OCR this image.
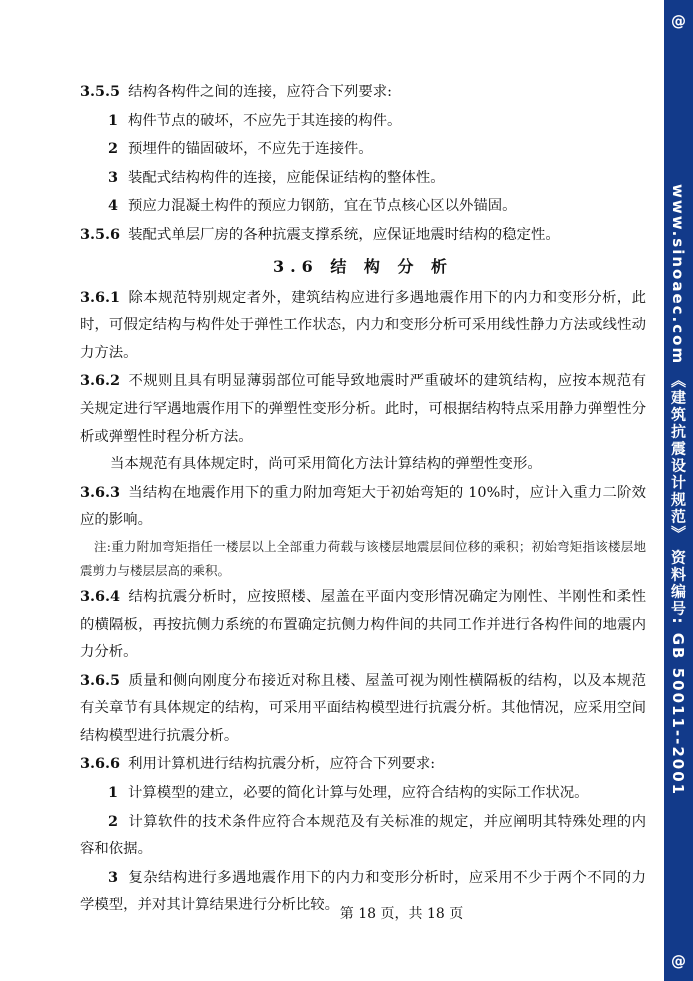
3.5.5 结构各构件之间的连接，应符合下列要求:

1 构件节点的破坏，不应先于其连接的构件。

2 预埋件的锚固破坏，不应先于连接件。

3 装配式结构构件的连接，应能保证结构的整体性。

4 预应力混凝土构件的预应力钢筋，宜在节点核心区以外锚固。

3.5.6 装配式单层厂房的各种抗震支撑系统，应保证地震时结构的稳定性。

3.6 结 构 分 析

3.6.1 除本规范特别规定者外，建筑结构应进行多遇地震作用下的内力和变形分析，此时，可假定结构与构件处于弹性工作状态，内力和变形分析可采用线性静力方法或线性动力方法。

3.6.2 不规则且具有明显薄弱部位可能导致地震时严重破坏的建筑结构，应按本规范有关规定进行罕遇地震作用下的弹塑性变形分析。此时，可根据结构特点采用静力弹塑性分析或弹塑性时程分析方法。

当本规范有具体规定时，尚可采用简化方法计算结构的弹塑性变形。

3.6.3 当结构在地震作用下的重力附加弯矩大于初始弯矩的 10%时，应计入重力二阶效应的影响。

注:重力附加弯矩指任一楼层以上全部重力荷载与该楼层地震层间位移的乘积；初始弯矩指该楼层地震剪力与楼层层高的乘积。

3.6.4 结构抗震分析时，应按照楼、屋盖在平面内变形情况确定为刚性、半刚性和柔性的横隔板，再按抗侧力系统的布置确定抗侧力构件间的共同工作并进行各构件间的地震内力分析。

3.6.5 质量和侧向刚度分布接近对称且楼、屋盖可视为刚性横隔板的结构，以及本规范有关章节有具体规定的结构，可采用平面结构模型进行抗震分析。其他情况，应采用空间结构模型进行抗震分析。

3.6.6 利用计算机进行结构抗震分析，应符合下列要求:

1 计算模型的建立，必要的简化计算与处理，应符合结构的实际工作状况。

2 计算软件的技术条件应符合本规范及有关标准的规定，并应阐明其特殊处理的内容和依据。

3 复杂结构进行多遇地震作用下的内力和变形分析时，应采用不少于两个不同的力学模型，并对其计算结果进行分析比较。

第 18 页，共 18 页
@
www.sinoaec.com 《建筑抗震设计规范》 资料编号: GB 50011--2001
@
